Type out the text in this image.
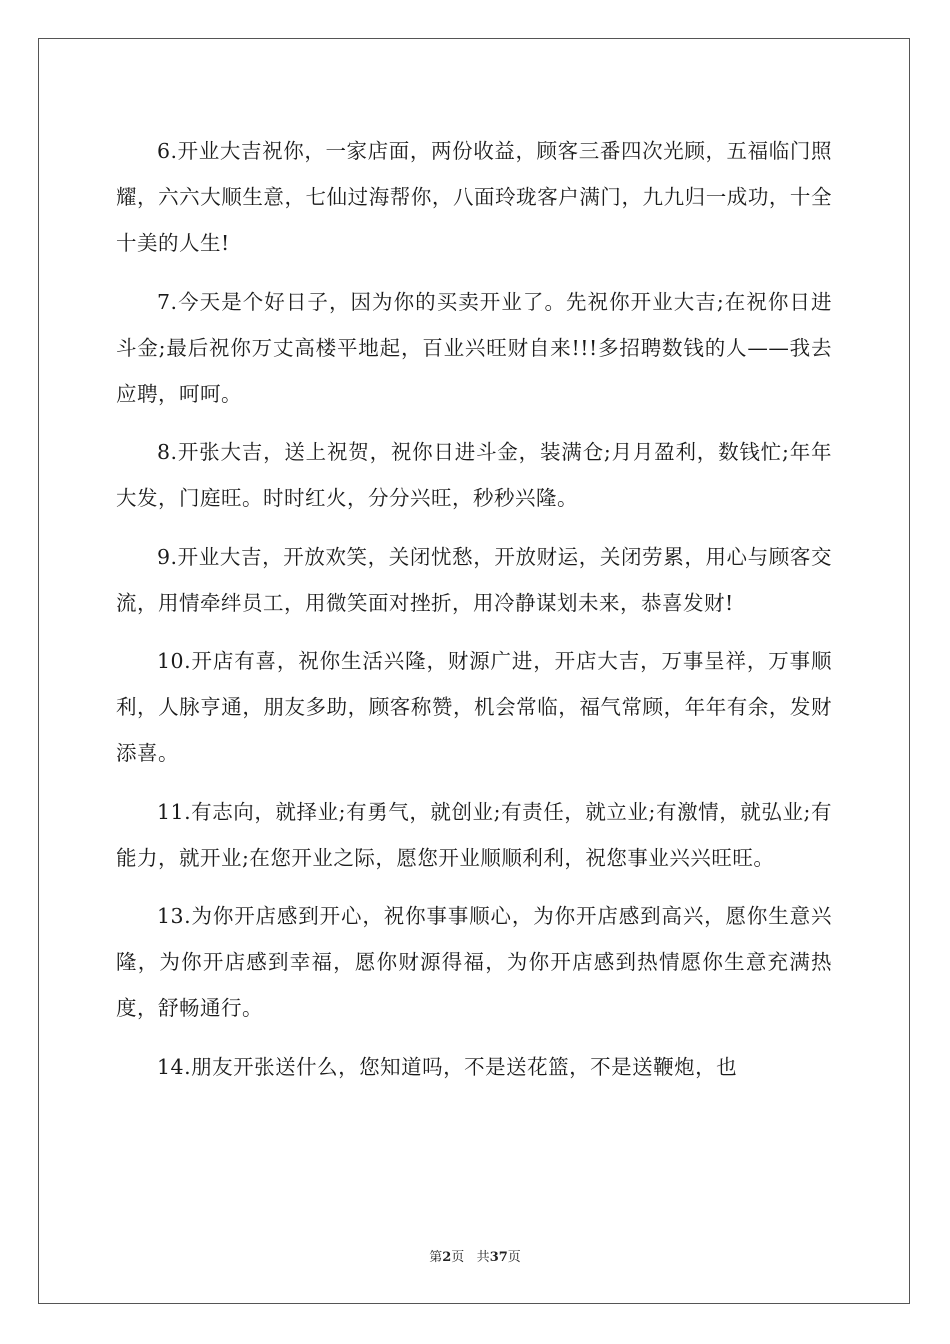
6.开业大吉祝你，一家店面，两份收益，顾客三番四次光顾，五福临门照耀，六六大顺生意，七仙过海帮你，八面玲珑客户满门，九九归一成功，十全十美的人生!

7.今天是个好日子，因为你的买卖开业了。先祝你开业大吉;在祝你日进斗金;最后祝你万丈高楼平地起，百业兴旺财自来!!!多招聘数钱的人——我去应聘，呵呵。

8.开张大吉，送上祝贺，祝你日进斗金，装满仓;月月盈利，数钱忙;年年大发，门庭旺。时时红火，分分兴旺，秒秒兴隆。

9.开业大吉，开放欢笑，关闭忧愁，开放财运，关闭劳累，用心与顾客交流，用情牵绊员工，用微笑面对挫折，用冷静谋划未来，恭喜发财!

10.开店有喜，祝你生活兴隆，财源广进，开店大吉，万事呈祥，万事顺利，人脉亨通，朋友多助，顾客称赞，机会常临，福气常顾，年年有余，发财添喜。

11.有志向，就择业;有勇气，就创业;有责任，就立业;有激情，就弘业;有能力，就开业;在您开业之际，愿您开业顺顺利利，祝您事业兴兴旺旺。

13.为你开店感到开心，祝你事事顺心，为你开店感到高兴，愿你生意兴隆，为你开店感到幸福，愿你财源得福，为你开店感到热情愿你生意充满热度，舒畅通行。

14.朋友开张送什么，您知道吗，不是送花篮，不是送鞭炮，也

第2页 共37页
